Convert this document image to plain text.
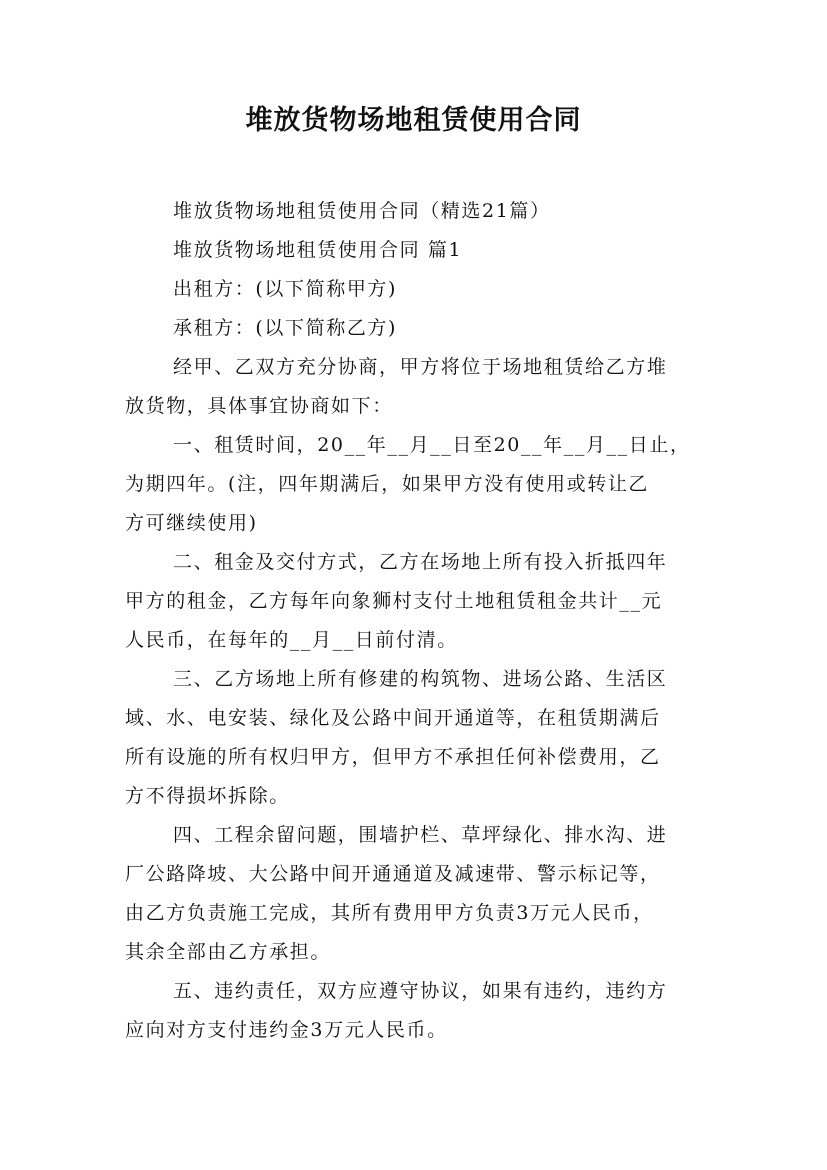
堆放货物场地租赁使用合同

堆放货物场地租赁使用合同（精选21篇）

堆放货物场地租赁使用合同 篇1

出租方：(以下简称甲方)

承租方：(以下简称乙方)

经甲、乙双方充分协商，甲方将位于场地租赁给乙方堆

放货物，具体事宜协商如下：

一、租赁时间，20__年__月__日至20__年__月__日止，

为期四年。(注，四年期满后，如果甲方没有使用或转让乙

方可继续使用)

二、租金及交付方式，乙方在场地上所有投入折抵四年

甲方的租金，乙方每年向象狮村支付土地租赁租金共计__元

人民币，在每年的__月__日前付清。

三、乙方场地上所有修建的构筑物、进场公路、生活区

域、水、电安装、绿化及公路中间开通道等，在租赁期满后

所有设施的所有权归甲方，但甲方不承担任何补偿费用，乙

方不得损坏拆除。

四、工程余留问题，围墙护栏、草坪绿化、排水沟、进

厂公路降坡、大公路中间开通通道及减速带、警示标记等，

由乙方负责施工完成，其所有费用甲方负责3万元人民币，

其余全部由乙方承担。

五、违约责任，双方应遵守协议，如果有违约，违约方

应向对方支付违约金3万元人民币。
